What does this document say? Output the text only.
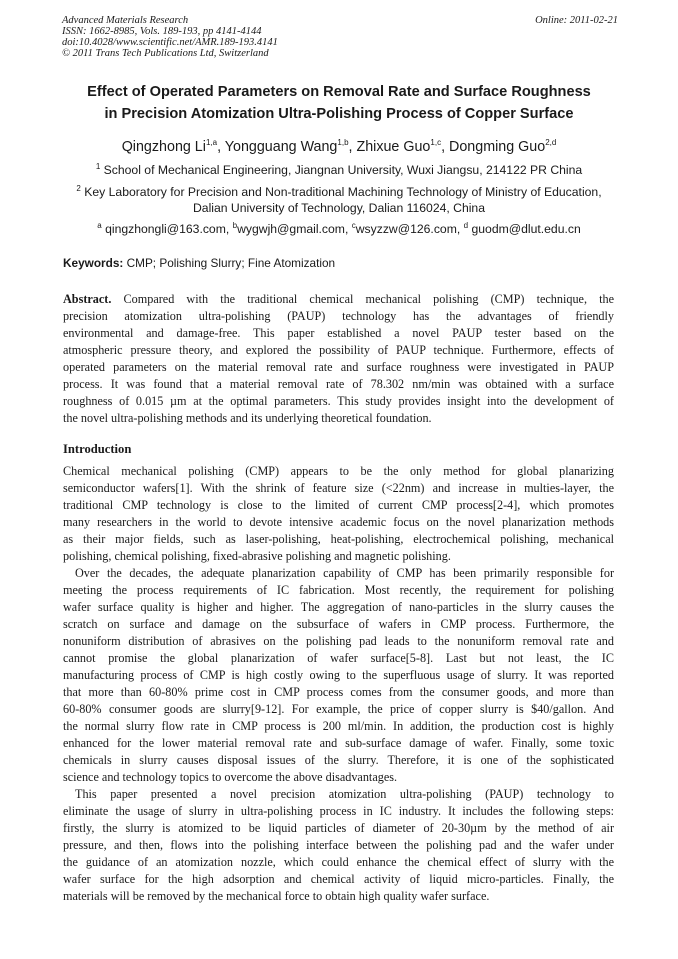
Advanced Materials Research
ISSN: 1662-8985, Vols. 189-193, pp 4141-4144
doi:10.4028/www.scientific.net/AMR.189-193.4141
© 2011 Trans Tech Publications Ltd, Switzerland
Online: 2011-02-21
Effect of Operated Parameters on Removal Rate and Surface Roughness
in Precision Atomization Ultra-Polishing Process of Copper Surface
Qingzhong Li$^{1,a}$, Yongguang Wang$^{1,b}$, Zhixue Guo$^{1,c}$, Dongming Guo$^{2,d}$
$^1$ School of Mechanical Engineering, Jiangnan University, Wuxi Jiangsu, 214122 PR China
$^2$ Key Laboratory for Precision and Non-traditional Machining Technology of Ministry of Education,
Dalian University of Technology, Dalian 116024, China
$^a$ qingzhongli@163.com, $^b$wygwjh@gmail.com, $^c$wsyzzw@126.com, $^d$ guodm@dlut.edu.cn
Keywords: CMP; Polishing Slurry; Fine Atomization
Abstract. Compared with the traditional chemical mechanical polishing (CMP) technique, the
precision atomization ultra-polishing (PAUP) technology has the advantages of friendly
environmental and damage-free. This paper established a novel PAUP tester based on the
atmospheric pressure theory, and explored the possibility of PAUP technique. Furthermore, effects of
operated parameters on the material removal rate and surface roughness were investigated in PAUP
process. It was found that a material removal rate of 78.302 nm/min was obtained with a surface
roughness of 0.015 µm at the optimal parameters. This study provides insight into the development of
the novel ultra-polishing methods and its underlying theoretical foundation.
Introduction
Chemical mechanical polishing (CMP) appears to be the only method for global planarizing
semiconductor wafers[1]. With the shrink of feature size (<22nm) and increase in multies-layer, the
traditional CMP technology is close to the limited of current CMP process[2-4], which promotes
many researchers in the world to devote intensive academic focus on the novel planarization methods
as their major fields, such as laser-polishing, heat-polishing, electrochemical polishing, mechanical
polishing, chemical polishing, fixed-abrasive polishing and magnetic polishing.
Over the decades, the adequate planarization capability of CMP has been primarily responsible for
meeting the process requirements of IC fabrication. Most recently, the requirement for polishing
wafer surface quality is higher and higher. The aggregation of nano-particles in the slurry causes the
scratch on surface and damage on the subsurface of wafers in CMP process. Furthermore, the
nonuniform distribution of abrasives on the polishing pad leads to the nonuniform removal rate and
cannot promise the global planarization of wafer surface[5-8]. Last but not least, the IC
manufacturing process of CMP is high costly owing to the superfluous usage of slurry. It was reported
that more than 60-80% prime cost in CMP process comes from the consumer goods, and more than
60-80% consumer goods are slurry[9-12]. For example, the price of copper slurry is $40/gallon. And
the normal slurry flow rate in CMP process is 200 ml/min. In addition, the production cost is highly
enhanced for the lower material removal rate and sub-surface damage of wafer. Finally, some toxic
chemicals in slurry causes disposal issues of the slurry. Therefore, it is one of the sophisticated
science and technology topics to overcome the above disadvantages.
This paper presented a novel precision atomization ultra-polishing (PAUP) technology to
eliminate the usage of slurry in ultra-polishing process in IC industry. It includes the following steps:
firstly, the slurry is atomized to be liquid particles of diameter of 20-30µm by the method of air
pressure, and then, flows into the polishing interface between the polishing pad and the wafer under
the guidance of an atomization nozzle, which could enhance the chemical effect of slurry with the
wafer surface for the high adsorption and chemical activity of liquid micro-particles. Finally, the
materials will be removed by the mechanical force to obtain high quality wafer surface.
